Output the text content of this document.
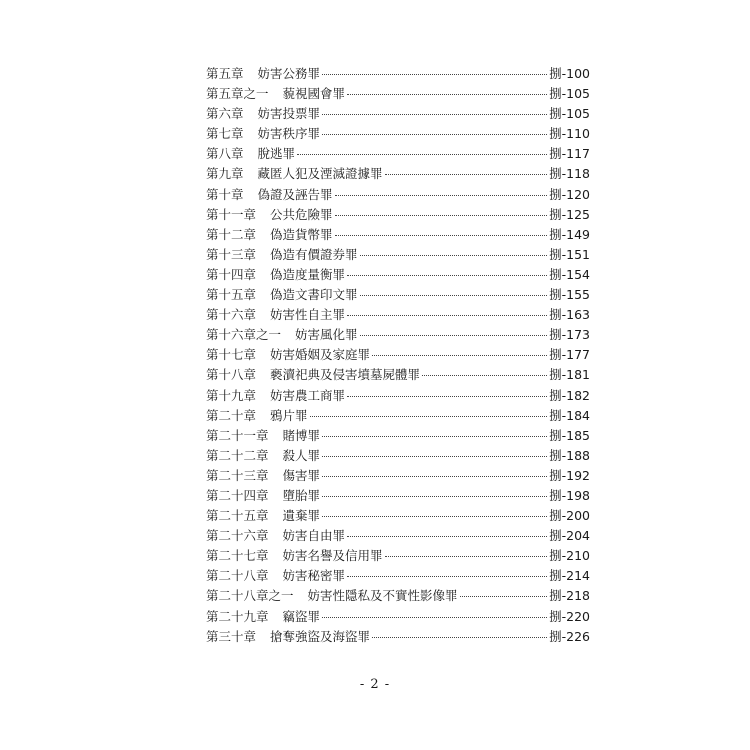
第五章 妨害公務罪	捌-100
第五章之一 藐視國會罪	捌-105
第六章 妨害投票罪	捌-105
第七章 妨害秩序罪	捌-110
第八章 脫逃罪	捌-117
第九章 藏匿人犯及湮滅證據罪	捌-118
第十章 偽證及誣告罪	捌-120
第十一章 公共危險罪	捌-125
第十二章 偽造貨幣罪	捌-149
第十三章 偽造有價證券罪	捌-151
第十四章 偽造度量衡罪	捌-154
第十五章 偽造文書印文罪	捌-155
第十六章 妨害性自主罪	捌-163
第十六章之一 妨害風化罪	捌-173
第十七章 妨害婚姻及家庭罪	捌-177
第十八章 褻瀆祀典及侵害墳墓屍體罪	捌-181
第十九章 妨害農工商罪	捌-182
第二十章 鴉片罪	捌-184
第二十一章 賭博罪	捌-185
第二十二章 殺人罪	捌-188
第二十三章 傷害罪	捌-192
第二十四章 墮胎罪	捌-198
第二十五章 遺棄罪	捌-200
第二十六章 妨害自由罪	捌-204
第二十七章 妨害名譽及信用罪	捌-210
第二十八章 妨害秘密罪	捌-214
第二十八章之一 妨害性隱私及不實性影像罪	捌-218
第二十九章 竊盜罪	捌-220
第三十章 搶奪強盜及海盜罪	捌-226
- 2 -
